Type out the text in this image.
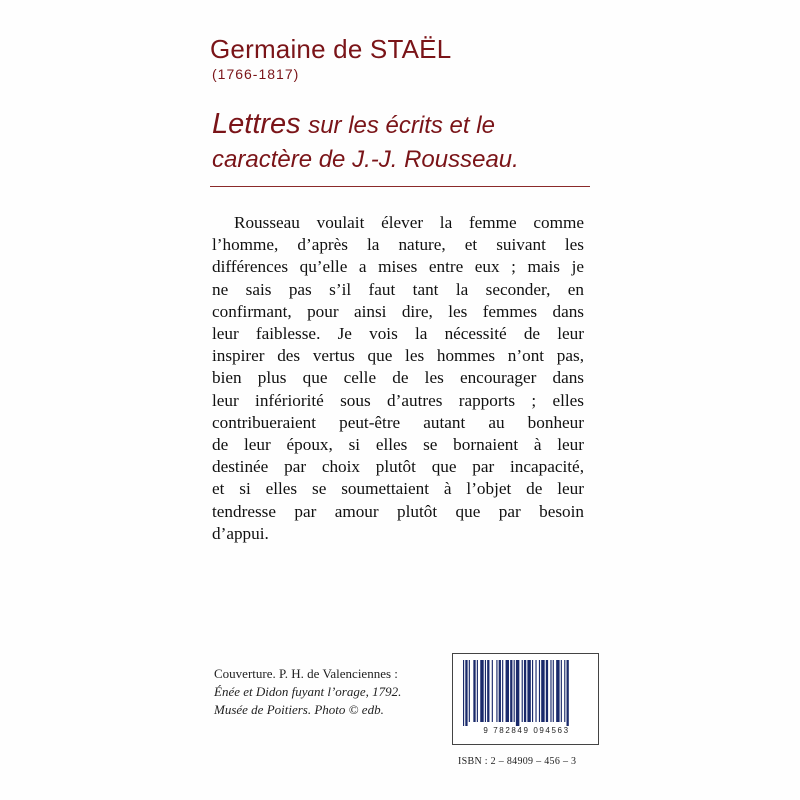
Germaine de STAËL
(1766-1817)
Lettres sur les écrits et le
caractère de J.-J. Rousseau.
Rousseau voulait élever la femme comme
l’homme, d’après la nature, et suivant les
différences qu’elle a mises entre eux ; mais je
ne sais pas s’il faut tant la seconder, en
confirmant, pour ainsi dire, les femmes dans
leur faiblesse. Je vois la nécessité de leur
inspirer des vertus que les hommes n’ont pas,
bien plus que celle de les encourager dans
leur infériorité sous d’autres rapports ; elles
contribueraient peut-être autant au bonheur
de leur époux, si elles se bornaient à leur
destinée par choix plutôt que par incapacité,
et si elles se soumettaient à l’objet de leur
tendresse par amour plutôt que par besoin
d’appui.
Couverture. P. H. de Valenciennes :
Énée et Didon fuyant l’orage, 1792.
Musée de Poitiers. Photo © edb.
9 782849 094563
ISBN : 2 – 84909 – 456 – 3
